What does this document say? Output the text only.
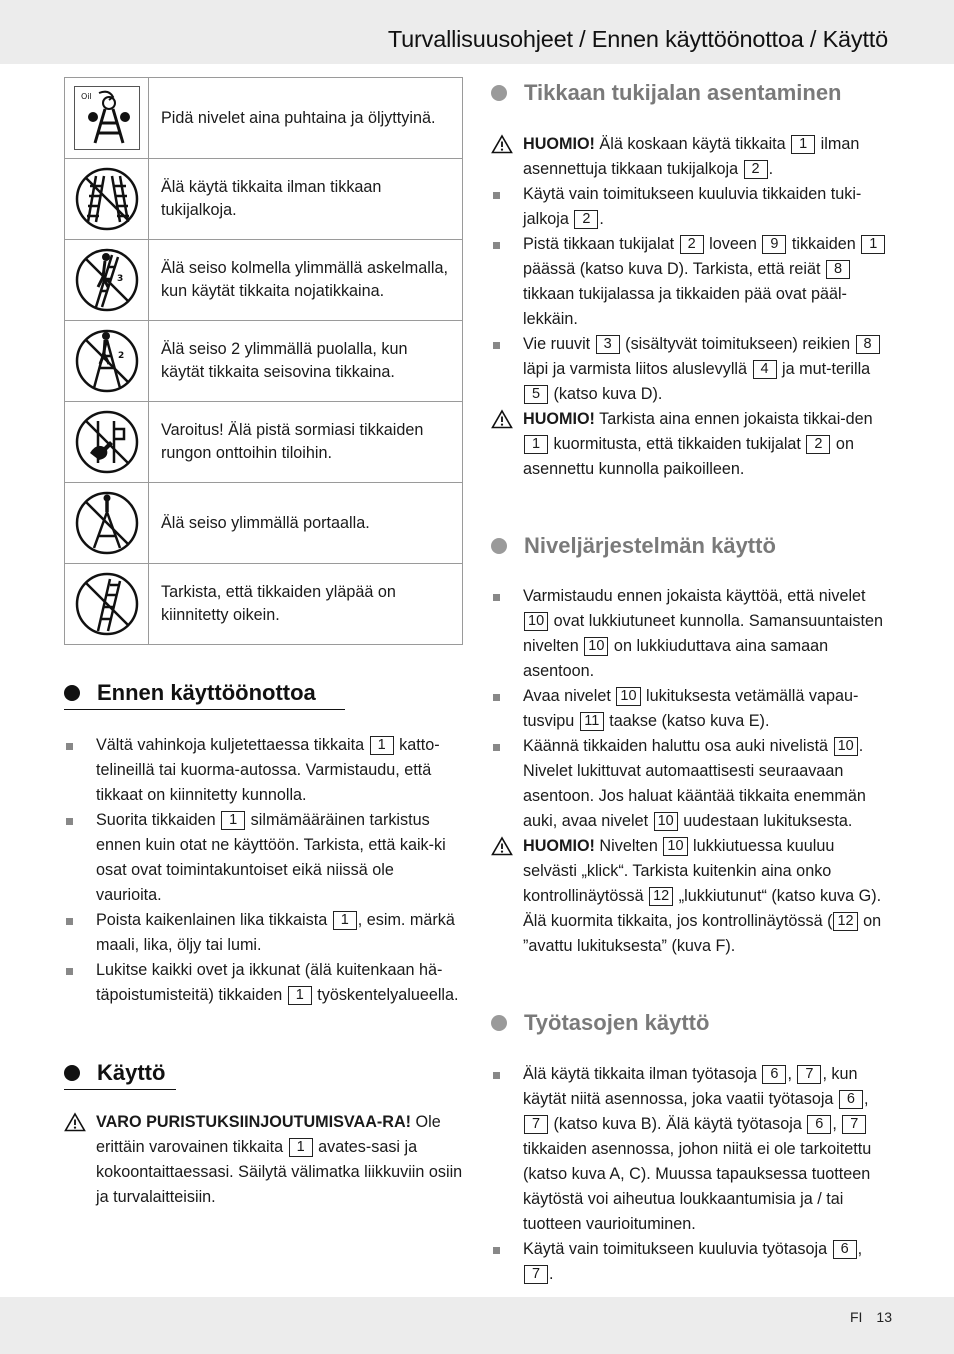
Turvallisuusohjeet / Ennen käyttöönottoa / Käyttö
Oil	Pidä nivelet aina puhtaina ja öljyttyinä.

	Älä käytä tikkaita ilman tikkaan tukijalkoja.

3	Älä seiso kolmella ylimmällä askelmalla, kun käytät tikkaita nojatikkaina.

2	Älä seiso 2 ylimmällä puolalla, kun käytät tikkaita seisovina tikkaina.

	Varoitus! Älä pistä sormiasi tikkaiden rungon onttoihin tiloihin.

	Älä seiso ylimmällä portaalla.

	Tarkista, että tikkaiden yläpää on kiinnitetty oikein.
Ennen käyttöönottoa
Vältä vahinkoja kuljetettaessa tikkaita 1 katto-telineillä tai kuorma-autossa. Varmistaudu, että tikkaat on kiinnitetty kunnolla.
Suorita tikkaiden 1 silmämääräinen tarkistus ennen kuin otat ne käyttöön. Tarkista, että kaik-ki osat ovat toimintakuntoiset eikä niissä ole vaurioita.
Poista kaikenlainen lika tikkaista 1 , esim. märkä maali, lika, öljy tai lumi.
Lukitse kaikki ovet ja ikkunat (älä kuitenkaan hä-täpoistumisteitä) tikkaiden 1 työskentelyalueella.
Käyttö
VARO PURISTUKSIINJOUTUMISVAA-RA! Ole erittäin varovainen tikkaita 1 avates-sasi ja kokoontaittaessasi. Säilytä välimatka liikkuviin osiin ja turvalaitteisiin.
Tikkaan tukijalan asentaminen
HUOMIO! Älä koskaan käytä tikkaita 1 ilman asennettuja tikkaan tukijalkoja 2 .
Käytä vain toimitukseen kuuluvia tikkaiden tuki-jalkoja 2 .
Pistä tikkaan tukijalat 2 loveen 9 tikkaiden 1 päässä (katso kuva D). Tarkista, että reiät 8 tikkaan tukijalassa ja tikkaiden pää ovat pääl-lekkäin.
Vie ruuvit 3 (sisältyvät toimitukseen) reikien 8 läpi ja varmista liitos aluslevyllä 4 ja mut-terilla 5 (katso kuva D).
HUOMIO! Tarkista aina ennen jokaista tikkai-den 1 kuormitusta, että tikkaiden tukijalat 2 on asennettu kunnolla paikoilleen.
Niveljärjestelmän käyttö
Varmistaudu ennen jokaista käyttöä, että nivelet 10 ovat lukkiutuneet kunnolla. Samansuuntaisten nivelten 10 on lukkiuduttava aina samaan asentoon.
Avaa nivelet 10 lukituksesta vetämällä vapau-tusvipu 11 taakse (katso kuva E).
Käännä tikkaiden haluttu osa auki nivelistä 10 . Nivelet lukittuvat automaattisesti seuraavaan asentoon. Jos haluat kääntää tikkaita enemmän auki, avaa nivelet 10 uudestaan lukituksesta.
HUOMIO! Nivelten 10 lukkiutuessa kuuluu selvästi „klick“. Tarkista kuitenkin aina onko kontrollinäytössä 12 „lukkiutunut“ (katso kuva G). Älä kuormita tikkaita, jos kontrollinäytössä ( 12 on ”avattu lukituksesta” (kuva F).
Työtasojen käyttö
Älä käytä tikkaita ilman työtasoja 6 , 7 , kun käytät niitä asennossa, joka vaatii työtasoja 6 , 7 (katso kuva B). Älä käytä työtasoja 6 , 7 tikkaiden asennossa, johon niitä ei ole tarkoitettu (katso kuva A, C). Muussa tapauksessa tuotteen käytöstä voi aiheutua loukkaantumisia ja / tai tuotteen vaurioituminen.
Käytä vain toimitukseen kuuluvia työtasoja 6 , 7 .
FI 13
